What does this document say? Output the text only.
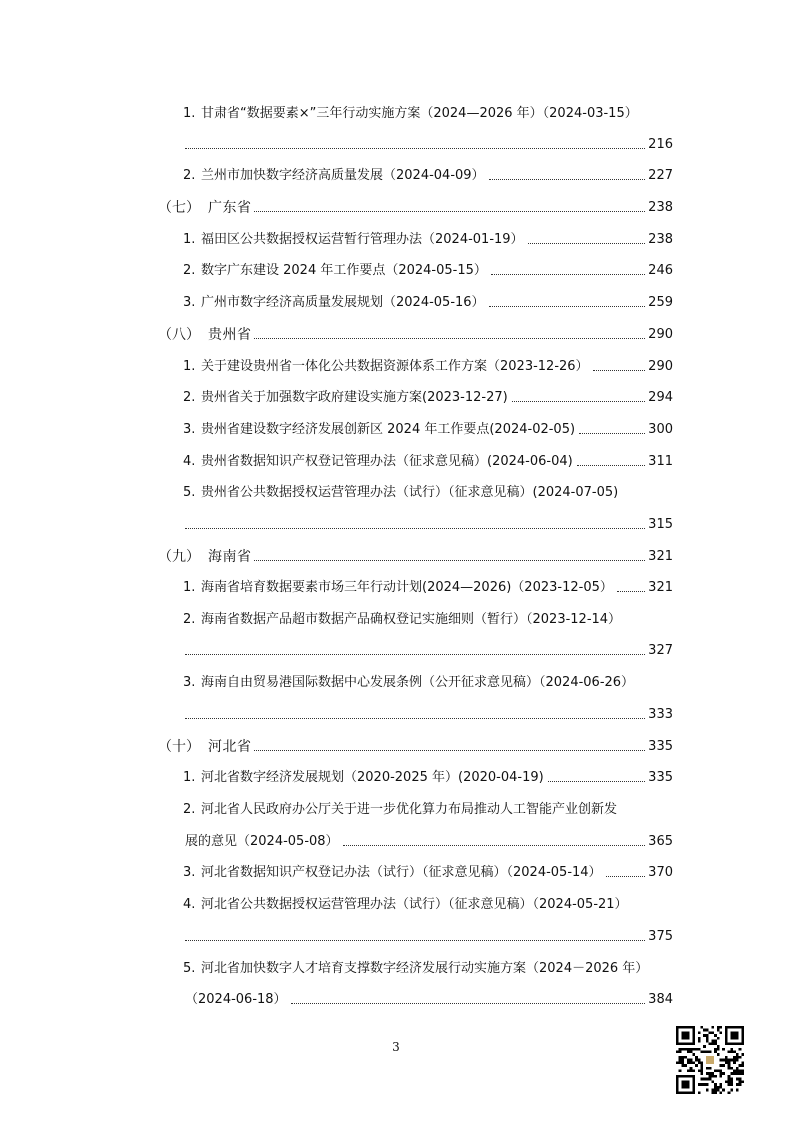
1. 甘肃省“数据要素×”三年行动实施方案（2024—2026 年）（2024-03-15）
216
2. 兰州市加快数字经济高质量发展（2024-04-09）	227
（七） 广东省	238
1. 福田区公共数据授权运营暂行管理办法（2024-01-19）	238
2. 数字广东建设 2024 年工作要点（2024-05-15）	246
3. 广州市数字经济高质量发展规划（2024-05-16）	259
（八） 贵州省	290
1. 关于建设贵州省一体化公共数据资源体系工作方案（2023-12-26）	290
2. 贵州省关于加强数字政府建设实施方案(2023-12-27)	294
3. 贵州省建设数字经济发展创新区 2024 年工作要点(2024-02-05)	300
4. 贵州省数据知识产权登记管理办法（征求意见稿）(2024-06-04)	311
5. 贵州省公共数据授权运营管理办法（试行）（征求意见稿）(2024-07-05)
315
（九） 海南省	321
1. 海南省培育数据要素市场三年行动计划(2024—2026)（2023-12-05）	321
2. 海南省数据产品超市数据产品确权登记实施细则（暂行）（2023-12-14）
327
3. 海南自由贸易港国际数据中心发展条例（公开征求意见稿）（2024-06-26）
333
（十） 河北省	335
1. 河北省数字经济发展规划（2020-2025 年）(2020-04-19)	335
2. 河北省人民政府办公厅关于进一步优化算力布局推动人工智能产业创新发
展的意见（2024-05-08）	365
3. 河北省数据知识产权登记办法（试行）（征求意见稿）（2024-05-14）	370
4. 河北省公共数据授权运营管理办法（试行）（征求意见稿）（2024-05-21）
375
5. 河北省加快数字人才培育支撑数字经济发展行动实施方案（2024－2026 年）
（2024-06-18）	384
3
